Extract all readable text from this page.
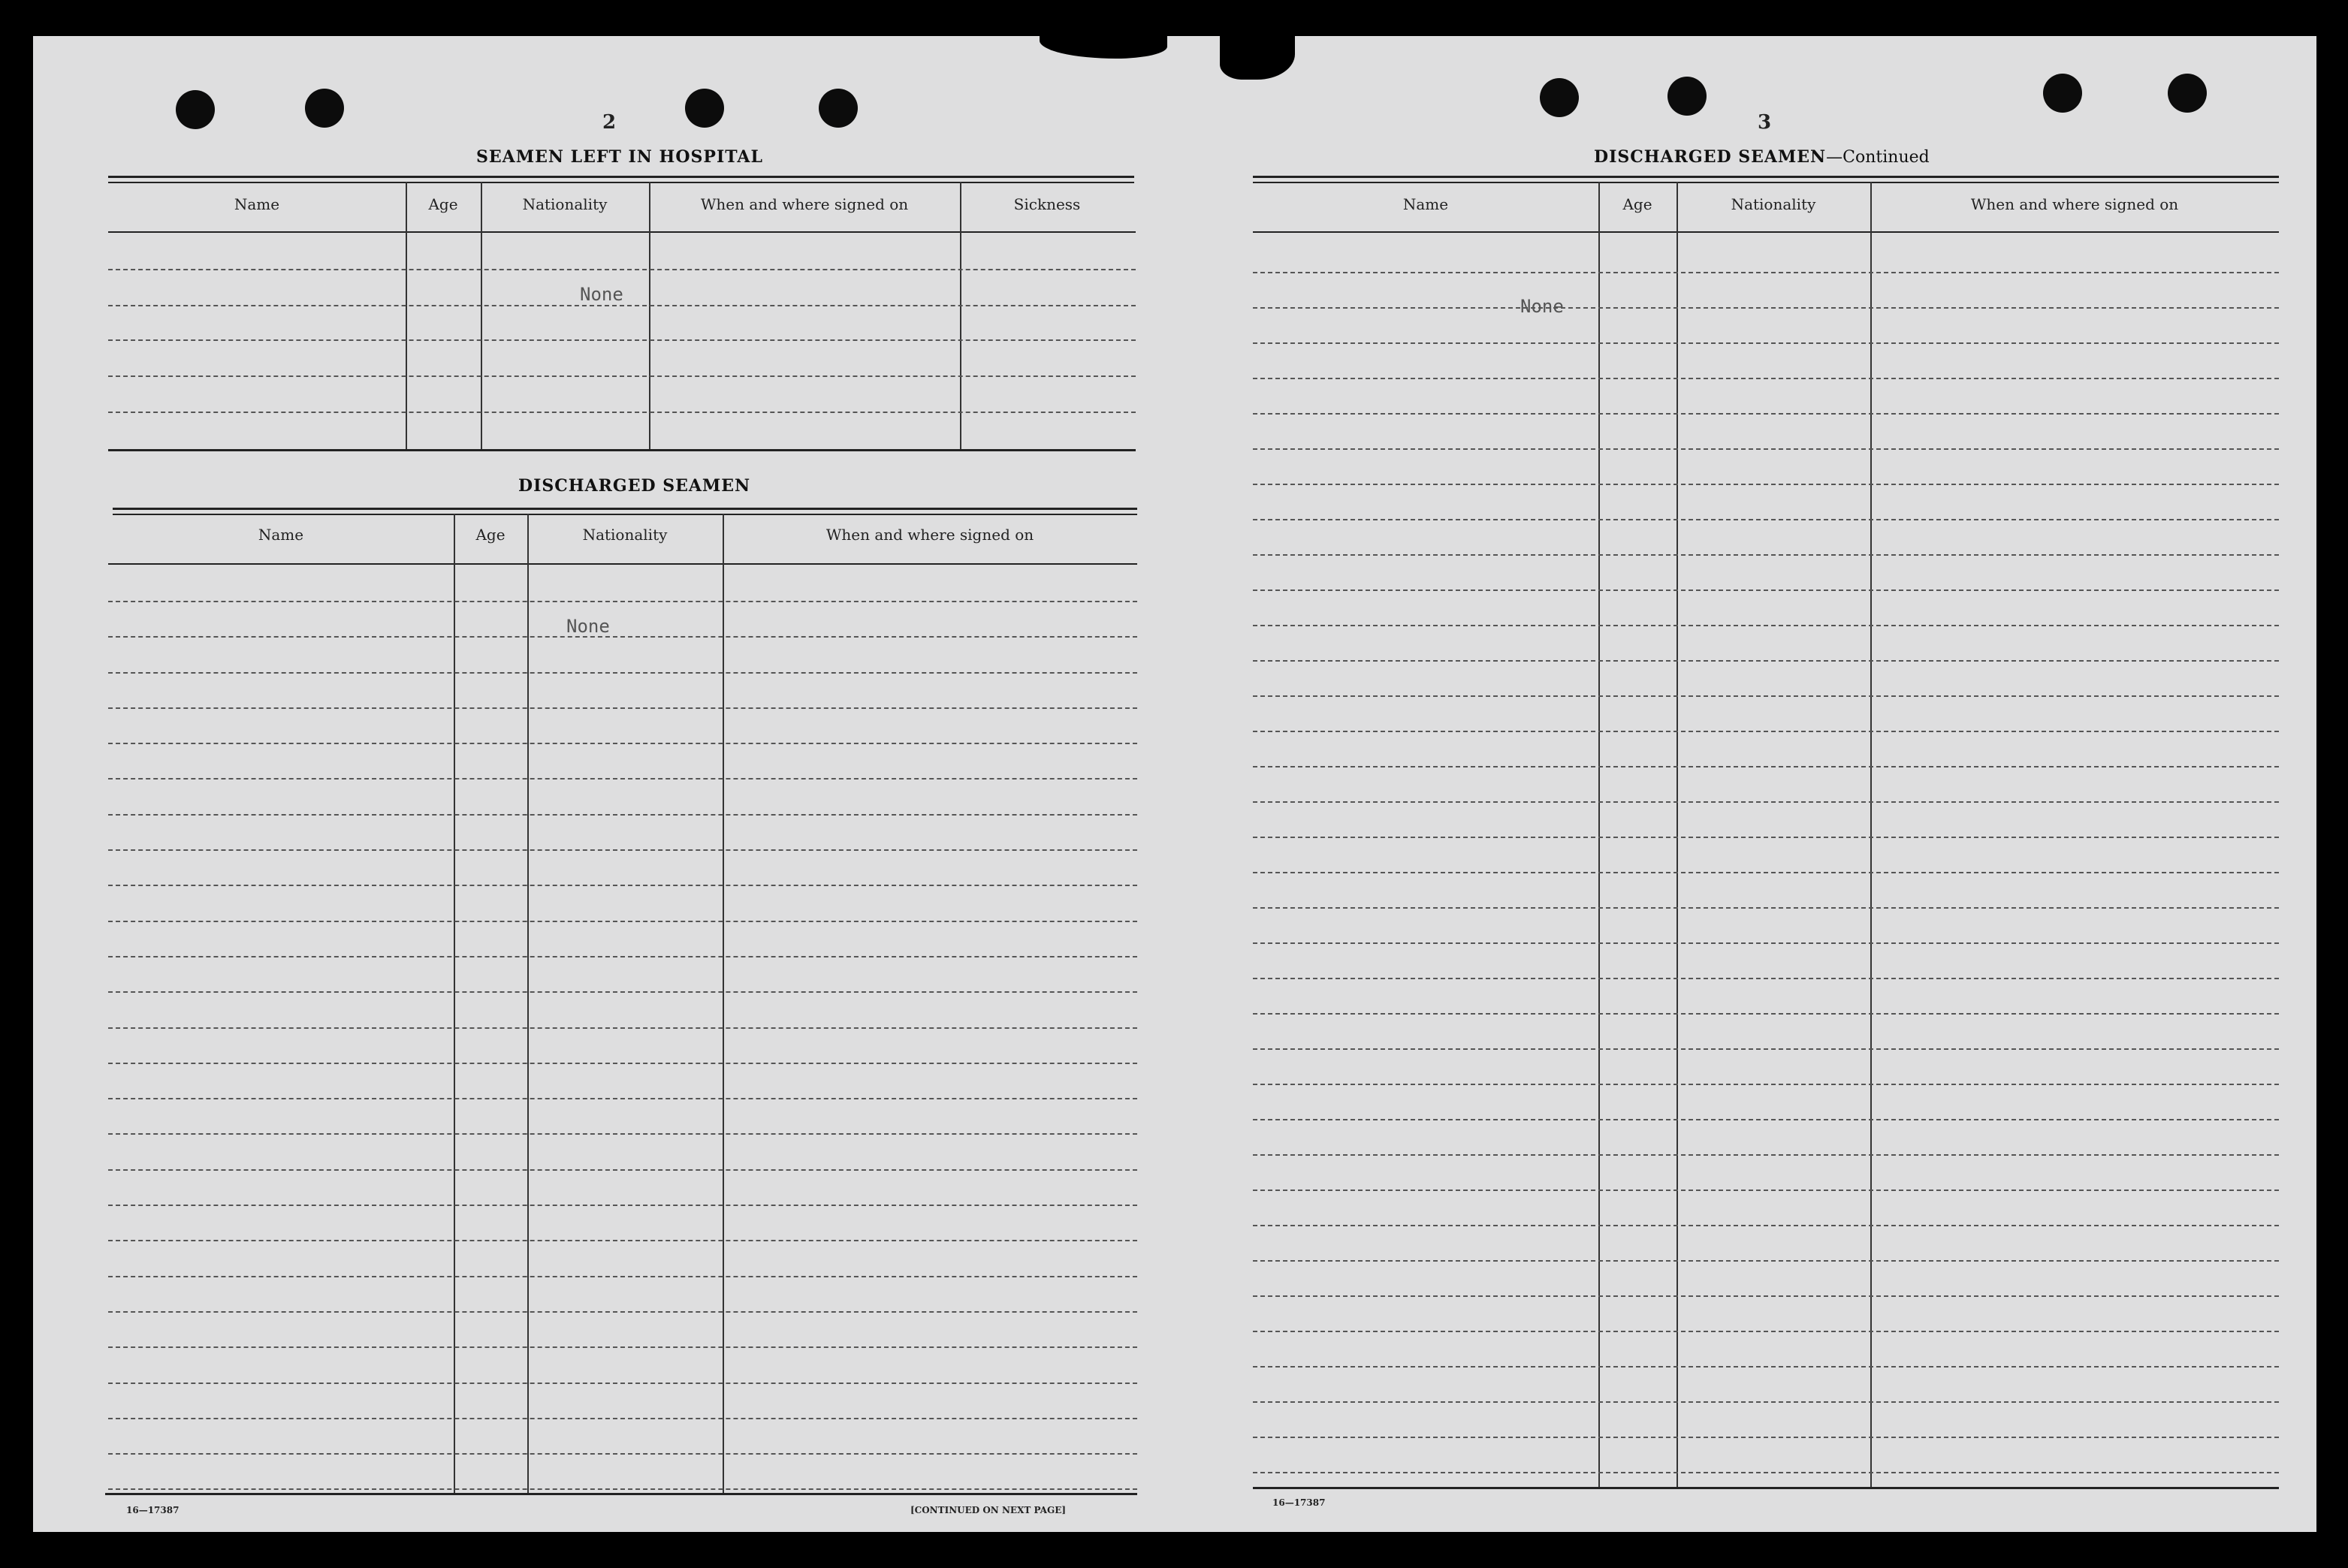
2
SEAMEN LEFT IN HOSPITAL
Name	Age	Nationality	When and where signed on	Sickness
None
DISCHARGED SEAMEN
Name	Age	Nationality	When and where signed on
None
16—17387	[CONTINUED ON NEXT PAGE]
3
DISCHARGED SEAMEN—Continued
Name	Age	Nationality	When and where signed on
None
16—17387
